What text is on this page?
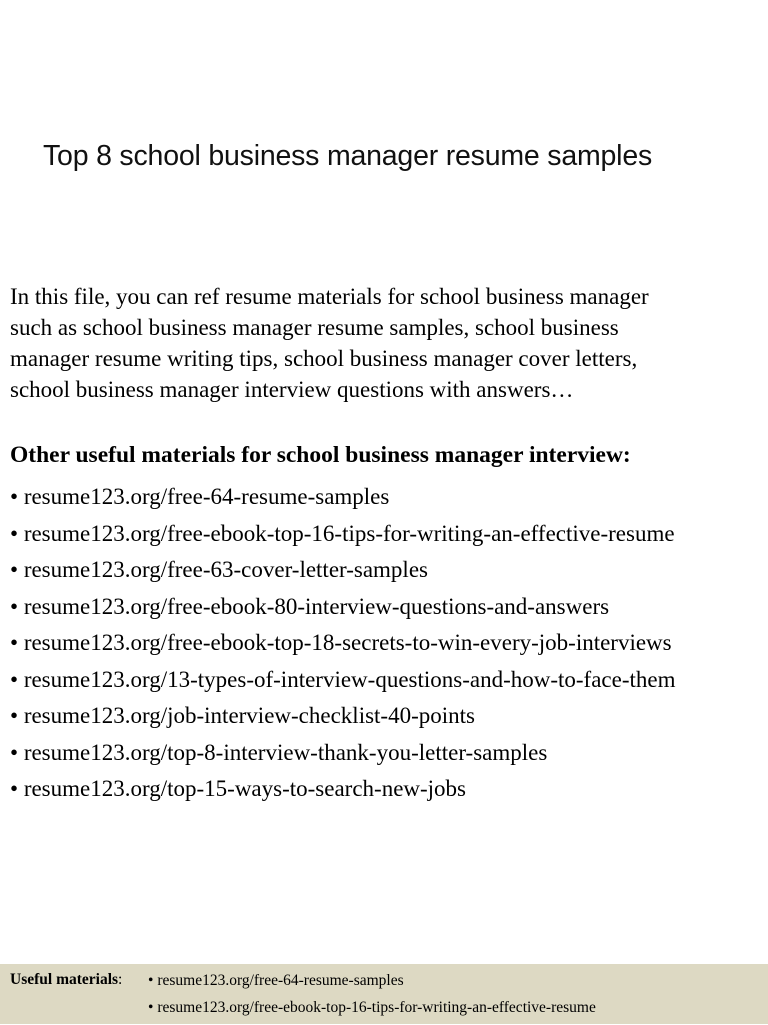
Top 8 school business manager resume samples
In this file, you can ref resume materials for school business manager
such as school business manager resume samples, school business
manager resume writing tips, school business manager cover letters,
school business manager interview questions with answers…
Other useful materials for school business manager interview:
• resume123.org/free-64-resume-samples
• resume123.org/free-ebook-top-16-tips-for-writing-an-effective-resume
• resume123.org/free-63-cover-letter-samples
• resume123.org/free-ebook-80-interview-questions-and-answers
• resume123.org/free-ebook-top-18-secrets-to-win-every-job-interviews
• resume123.org/13-types-of-interview-questions-and-how-to-face-them
• resume123.org/job-interview-checklist-40-points
• resume123.org/top-8-interview-thank-you-letter-samples
• resume123.org/top-15-ways-to-search-new-jobs
Useful materials: • resume123.org/free-64-resume-samples
• resume123.org/free-ebook-top-16-tips-for-writing-an-effective-resume
